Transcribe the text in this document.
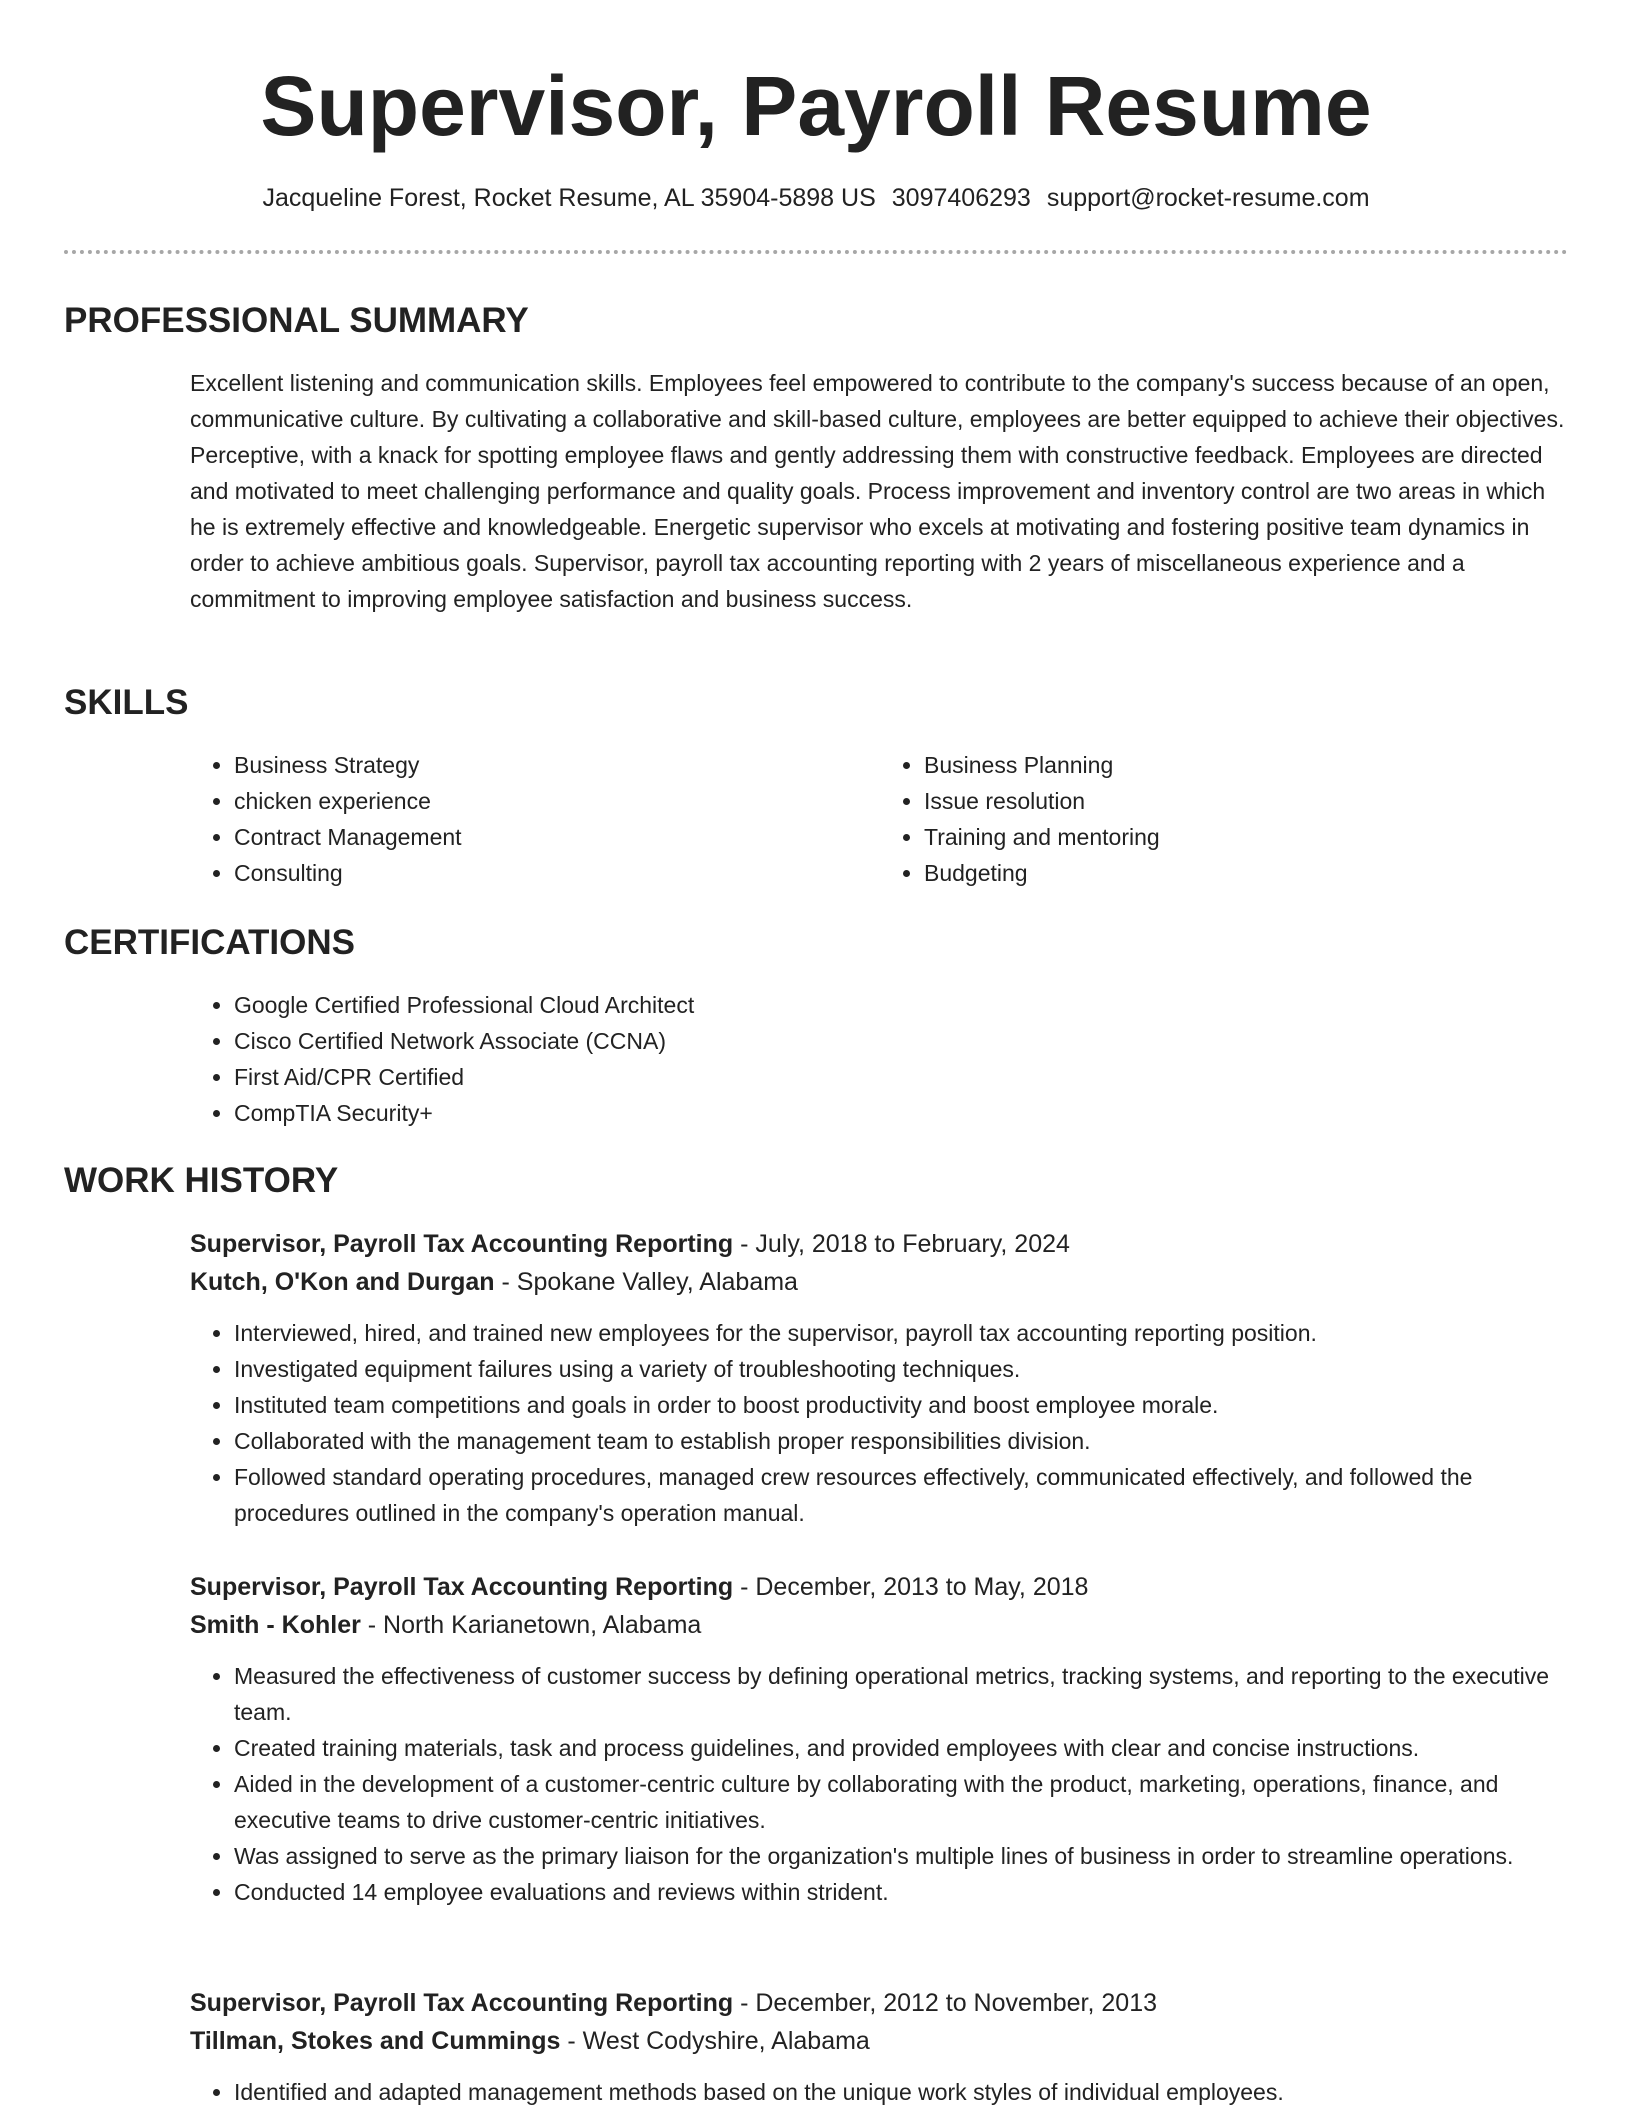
Supervisor, Payroll Resume
Jacqueline Forest, Rocket Resume, AL 35904-5898 US 3097406293 support@rocket-resume.com
PROFESSIONAL SUMMARY
Excellent listening and communication skills. Employees feel empowered to contribute to the company's success because of an open, communicative culture. By cultivating a collaborative and skill-based culture, employees are better equipped to achieve their objectives. Perceptive, with a knack for spotting employee flaws and gently addressing them with constructive feedback. Employees are directed and motivated to meet challenging performance and quality goals. Process improvement and inventory control are two areas in which he is extremely effective and knowledgeable. Energetic supervisor who excels at motivating and fostering positive team dynamics in order to achieve ambitious goals. Supervisor, payroll tax accounting reporting with 2 years of miscellaneous experience and a commitment to improving employee satisfaction and business success.
SKILLS
• Business Strategy
• chicken experience
• Contract Management
• Consulting
• Business Planning
• Issue resolution
• Training and mentoring
• Budgeting
CERTIFICATIONS
• Google Certified Professional Cloud Architect
• Cisco Certified Network Associate (CCNA)
• First Aid/CPR Certified
• CompTIA Security+
WORK HISTORY
Supervisor, Payroll Tax Accounting Reporting - July, 2018 to February, 2024
Kutch, O'Kon and Durgan - Spokane Valley, Alabama
• Interviewed, hired, and trained new employees for the supervisor, payroll tax accounting reporting position.
• Investigated equipment failures using a variety of troubleshooting techniques.
• Instituted team competitions and goals in order to boost productivity and boost employee morale.
• Collaborated with the management team to establish proper responsibilities division.
• Followed standard operating procedures, managed crew resources effectively, communicated effectively, and followed the procedures outlined in the company's operation manual.
Supervisor, Payroll Tax Accounting Reporting - December, 2013 to May, 2018
Smith - Kohler - North Karianetown, Alabama
• Measured the effectiveness of customer success by defining operational metrics, tracking systems, and reporting to the executive team.
• Created training materials, task and process guidelines, and provided employees with clear and concise instructions.
• Aided in the development of a customer-centric culture by collaborating with the product, marketing, operations, finance, and executive teams to drive customer-centric initiatives.
• Was assigned to serve as the primary liaison for the organization's multiple lines of business in order to streamline operations.
• Conducted 14 employee evaluations and reviews within strident.
Supervisor, Payroll Tax Accounting Reporting - December, 2012 to November, 2013
Tillman, Stokes and Cummings - West Codyshire, Alabama
• Identified and adapted management methods based on the unique work styles of individual employees.
